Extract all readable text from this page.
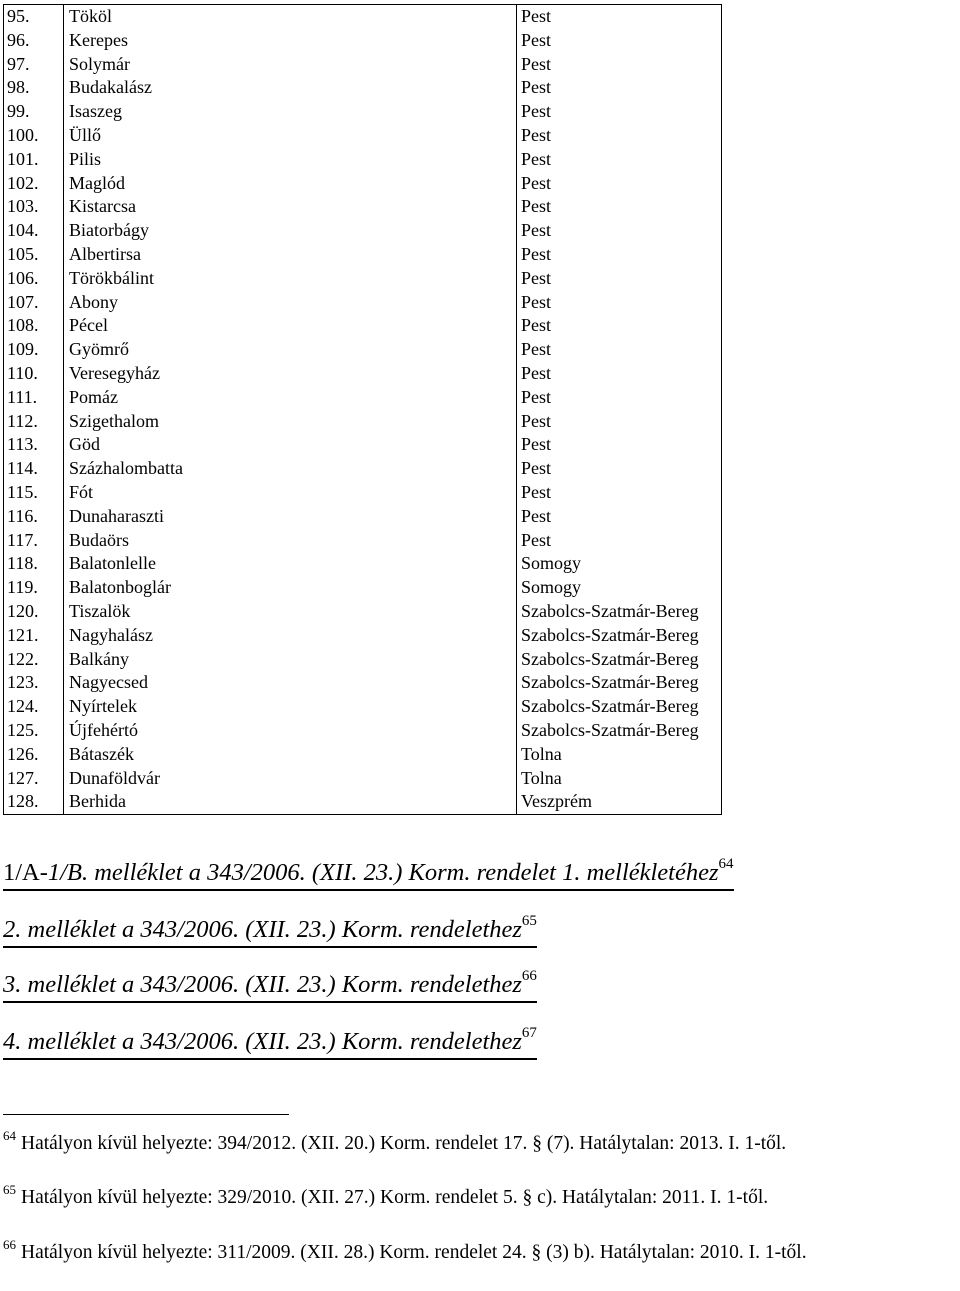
95.	Tököl	Pest
96.	Kerepes	Pest
97.	Solymár	Pest
98.	Budakalász	Pest
99.	Isaszeg	Pest
100.	Üllő	Pest
101.	Pilis	Pest
102.	Maglód	Pest
103.	Kistarcsa	Pest
104.	Biatorbágy	Pest
105.	Albertirsa	Pest
106.	Törökbálint	Pest
107.	Abony	Pest
108.	Pécel	Pest
109.	Gyömrő	Pest
110.	Veresegyház	Pest
111.	Pomáz	Pest
112.	Szigethalom	Pest
113.	Göd	Pest
114.	Százhalombatta	Pest
115.	Fót	Pest
116.	Dunaharaszti	Pest
117.	Budaörs	Pest
118.	Balatonlelle	Somogy
119.	Balatonboglár	Somogy
120.	Tiszalök	Szabolcs-Szatmár-Bereg
121.	Nagyhalász	Szabolcs-Szatmár-Bereg
122.	Balkány	Szabolcs-Szatmár-Bereg
123.	Nagyecsed	Szabolcs-Szatmár-Bereg
124.	Nyírtelek	Szabolcs-Szatmár-Bereg
125.	Újfehértó	Szabolcs-Szatmár-Bereg
126.	Bátaszék	Tolna
127.	Dunaföldvár	Tolna
128.	Berhida	Veszprém
1/A-1/B. melléklet a 343/2006. (XII. 23.) Korm. rendelet 1. mellékletéhez$^{64}$
2. melléklet a 343/2006. (XII. 23.) Korm. rendelethez$^{65}$
3. melléklet a 343/2006. (XII. 23.) Korm. rendelethez$^{66}$
4. melléklet a 343/2006. (XII. 23.) Korm. rendelethez$^{67}$
$^{64}$ Hatályon kívül helyezte: 394/2012. (XII. 20.) Korm. rendelet 17. § (7). Hatálytalan: 2013. I. 1-től.
$^{65}$ Hatályon kívül helyezte: 329/2010. (XII. 27.) Korm. rendelet 5. § c). Hatálytalan: 2011. I. 1-től.
$^{66}$ Hatályon kívül helyezte: 311/2009. (XII. 28.) Korm. rendelet 24. § (3) b). Hatálytalan: 2010. I. 1-től.
